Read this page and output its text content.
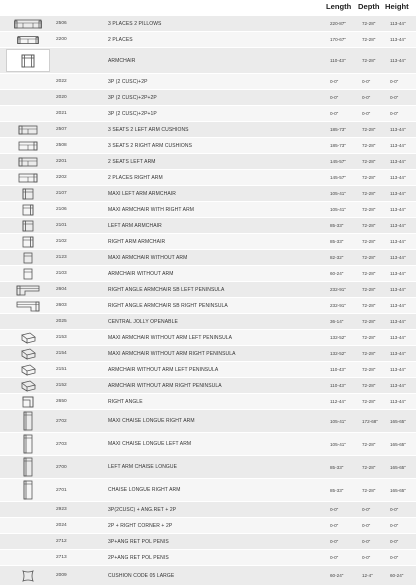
Length Depth Height
2506	3 PLACES 2 PILLOWS	220-87"	72-28"	113-44"
2200	2 PLACES	170-67"	72-28"	113-44"
ARMCHAIR	110-43"	72-28"	113-44"
2022	3P (2 CUSC)+2P	0-0"	0-0"	0-0"
2020	3P (2 CUSC)+2P+2P	0-0"	0-0"	0-0"
2021	3P (2 CUSC)+2P+1P	0-0"	0-0"	0-0"
2507	3 SEATS 2 LEFT ARM CUSHIONS	185-73"	72-28"	113-44"
2508	3 SEATS 2 RIGHT ARM CUSHIONS	185-73"	72-28"	113-44"
2201	2 SEATS LEFT ARM	145-57"	72-28"	113-44"
2202	2 PLACES RIGHT ARM	145-57"	72-28"	113-44"
2107	MAXI LEFT ARM ARMCHAIR	105-41"	72-28"	113-44"
2106	MAXI ARMCHAIR WITH RIGHT ARM	105-41"	72-28"	113-44"
2101	LEFT ARM ARMCHAIR	85-33"	72-28"	113-44"
2102	RIGHT ARM ARMCHAIR	85-33"	72-28"	113-44"
2123	MAXI ARMCHAIR WITHOUT ARM	82-32"	72-28"	113-44"
2103	ARMCHAIR WITHOUT ARM	60-24"	72-28"	113-44"
2604	RIGHT ANGLE ARMCHAIR SB LEFT PENINSULA	232-91"	72-28"	113-44"
2603	RIGHT ANGLE ARMCHAIR SB RIGHT PENINSULA	232-91"	72-28"	113-44"
2025	CENTRAL JOLLY OPENABLE	36-14"	72-28"	113-44"
2153	MAXI ARMCHAIR WITHOUT ARM LEFT PENINSULA	132-52"	72-28"	113-44"
2154	MAXI ARMCHAIR WITHOUT ARM RIGHT PENINSULA	132-52"	72-28"	113-44"
2151	ARMCHAIR WITHOUT ARM LEFT PENINSULA	110-43"	72-28"	113-44"
2152	ARMCHAIR WITHOUT ARM RIGHT PENINSULA	110-43"	72-28"	113-44"
2650	RIGHT ANGLE	112-44"	72-28"	113-44"
2702	MAXI CHAISE LONGUE RIGHT ARM	105-41"	172-68"	165-65"
2703	MAXI CHAISE LONGUE LEFT ARM	105-41"	72-28"	165-65"
2700	LEFT ARM CHAISE LONGUE	85-33"	72-28"	165-65"
2701	CHAISE LONGUE RIGHT ARM	85-33"	72-28"	165-65"
2923	3P(2CUSC) + ANG.RET + 2P	0-0"	0-0"	0-0"
2024	2P + RIGHT CORNER + 2P	0-0"	0-0"	0-0"
2712	3P+ANG RET POL PENIS	0-0"	0-0"	0-0"
2713	2P+ANG RET POL PENIS	0-0"	0-0"	0-0"
2009	CUSHION CODE 05 LARGE	60-24"	12-4"	60-24"
